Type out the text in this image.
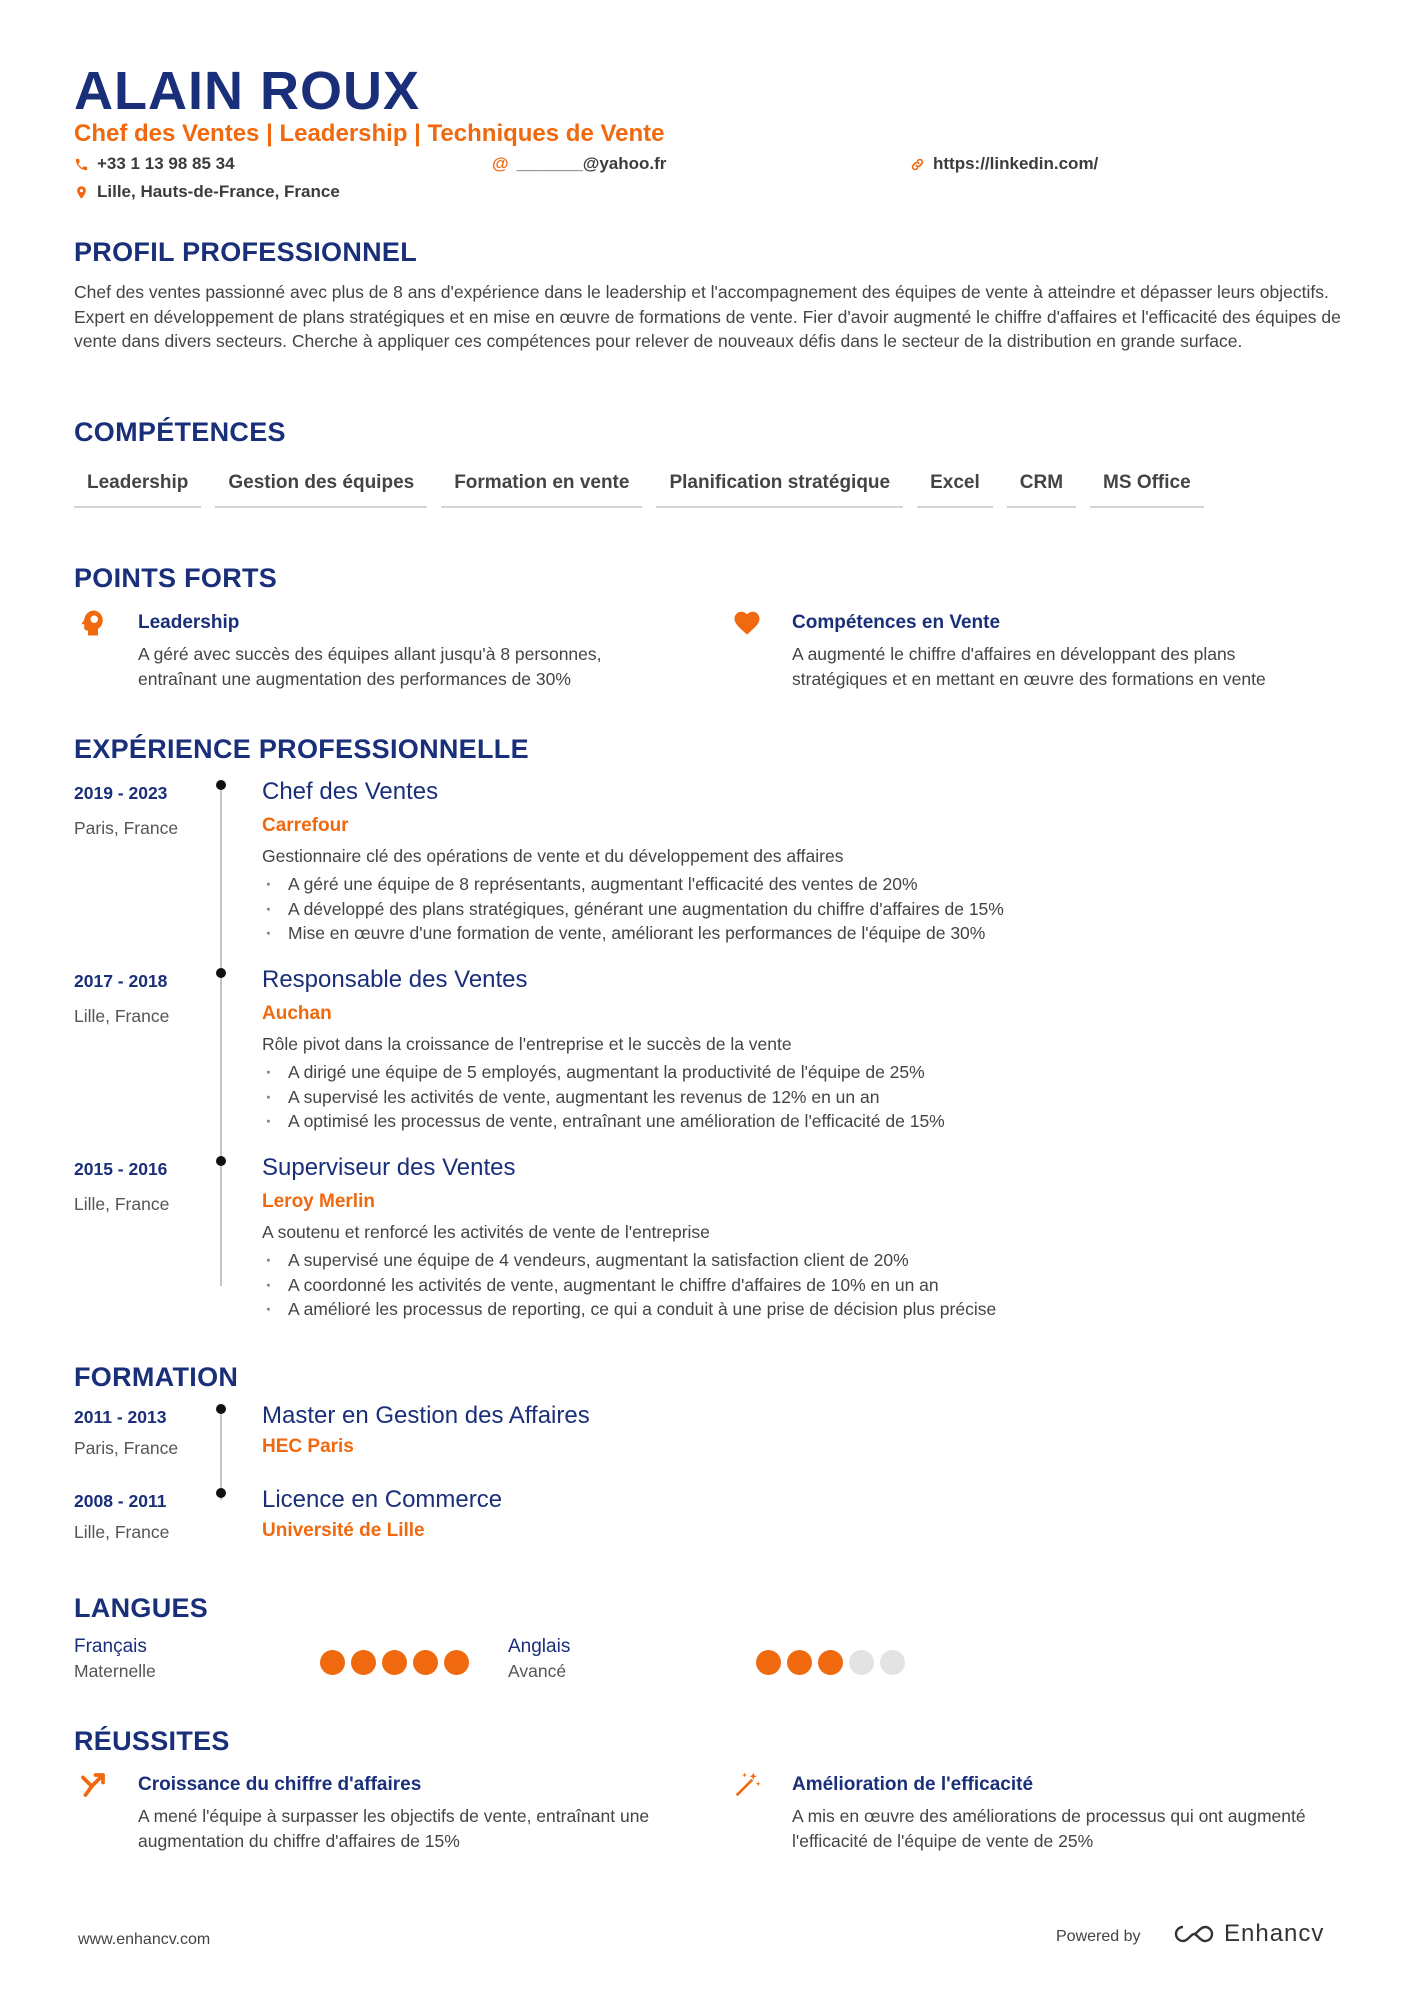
ALAIN ROUX
Chef des Ventes | Leadership | Techniques de Vente
+33 1 13 98 85 34	@ _______@yahoo.fr	https://linkedin.com/
Lille, Hauts-de-France, France
PROFIL PROFESSIONNEL
Chef des ventes passionné avec plus de 8 ans d'expérience dans le leadership et l'accompagnement des équipes de vente à atteindre et dépasser leurs objectifs. Expert en développement de plans stratégiques et en mise en œuvre de formations de vente. Fier d'avoir augmenté le chiffre d'affaires et l'efficacité des équipes de vente dans divers secteurs. Cherche à appliquer ces compétences pour relever de nouveaux défis dans le secteur de la distribution en grande surface.
COMPÉTENCES
Leadership	Gestion des équipes	Formation en vente	Planification stratégique	Excel	CRM	MS Office
POINTS FORTS
Leadership
A géré avec succès des équipes allant jusqu'à 8 personnes, entraînant une augmentation des performances de 30%
Compétences en Vente
A augmenté le chiffre d'affaires en développant des plans stratégiques et en mettant en œuvre des formations en vente
EXPÉRIENCE PROFESSIONNELLE
2019 - 2023
Paris, France
Chef des Ventes
Carrefour
Gestionnaire clé des opérations de vente et du développement des affaires
· A géré une équipe de 8 représentants, augmentant l'efficacité des ventes de 20%
· A développé des plans stratégiques, générant une augmentation du chiffre d'affaires de 15%
· Mise en œuvre d'une formation de vente, améliorant les performances de l'équipe de 30%
2017 - 2018
Lille, France
Responsable des Ventes
Auchan
Rôle pivot dans la croissance de l'entreprise et le succès de la vente
· A dirigé une équipe de 5 employés, augmentant la productivité de l'équipe de 25%
· A supervisé les activités de vente, augmentant les revenus de 12% en un an
· A optimisé les processus de vente, entraînant une amélioration de l'efficacité de 15%
2015 - 2016
Lille, France
Superviseur des Ventes
Leroy Merlin
A soutenu et renforcé les activités de vente de l'entreprise
· A supervisé une équipe de 4 vendeurs, augmentant la satisfaction client de 20%
· A coordonné les activités de vente, augmentant le chiffre d'affaires de 10% en un an
· A amélioré les processus de reporting, ce qui a conduit à une prise de décision plus précise
FORMATION
2011 - 2013
Paris, France
Master en Gestion des Affaires
HEC Paris
2008 - 2011
Lille, France
Licence en Commerce
Université de Lille
LANGUES
Français
Maternelle
Anglais
Avancé
RÉUSSITES
Croissance du chiffre d'affaires
A mené l'équipe à surpasser les objectifs de vente, entraînant une augmentation du chiffre d'affaires de 15%
Amélioration de l'efficacité
A mis en œuvre des améliorations de processus qui ont augmenté l'efficacité de l'équipe de vente de 25%
www.enhancv.com	Powered by	Enhancv
